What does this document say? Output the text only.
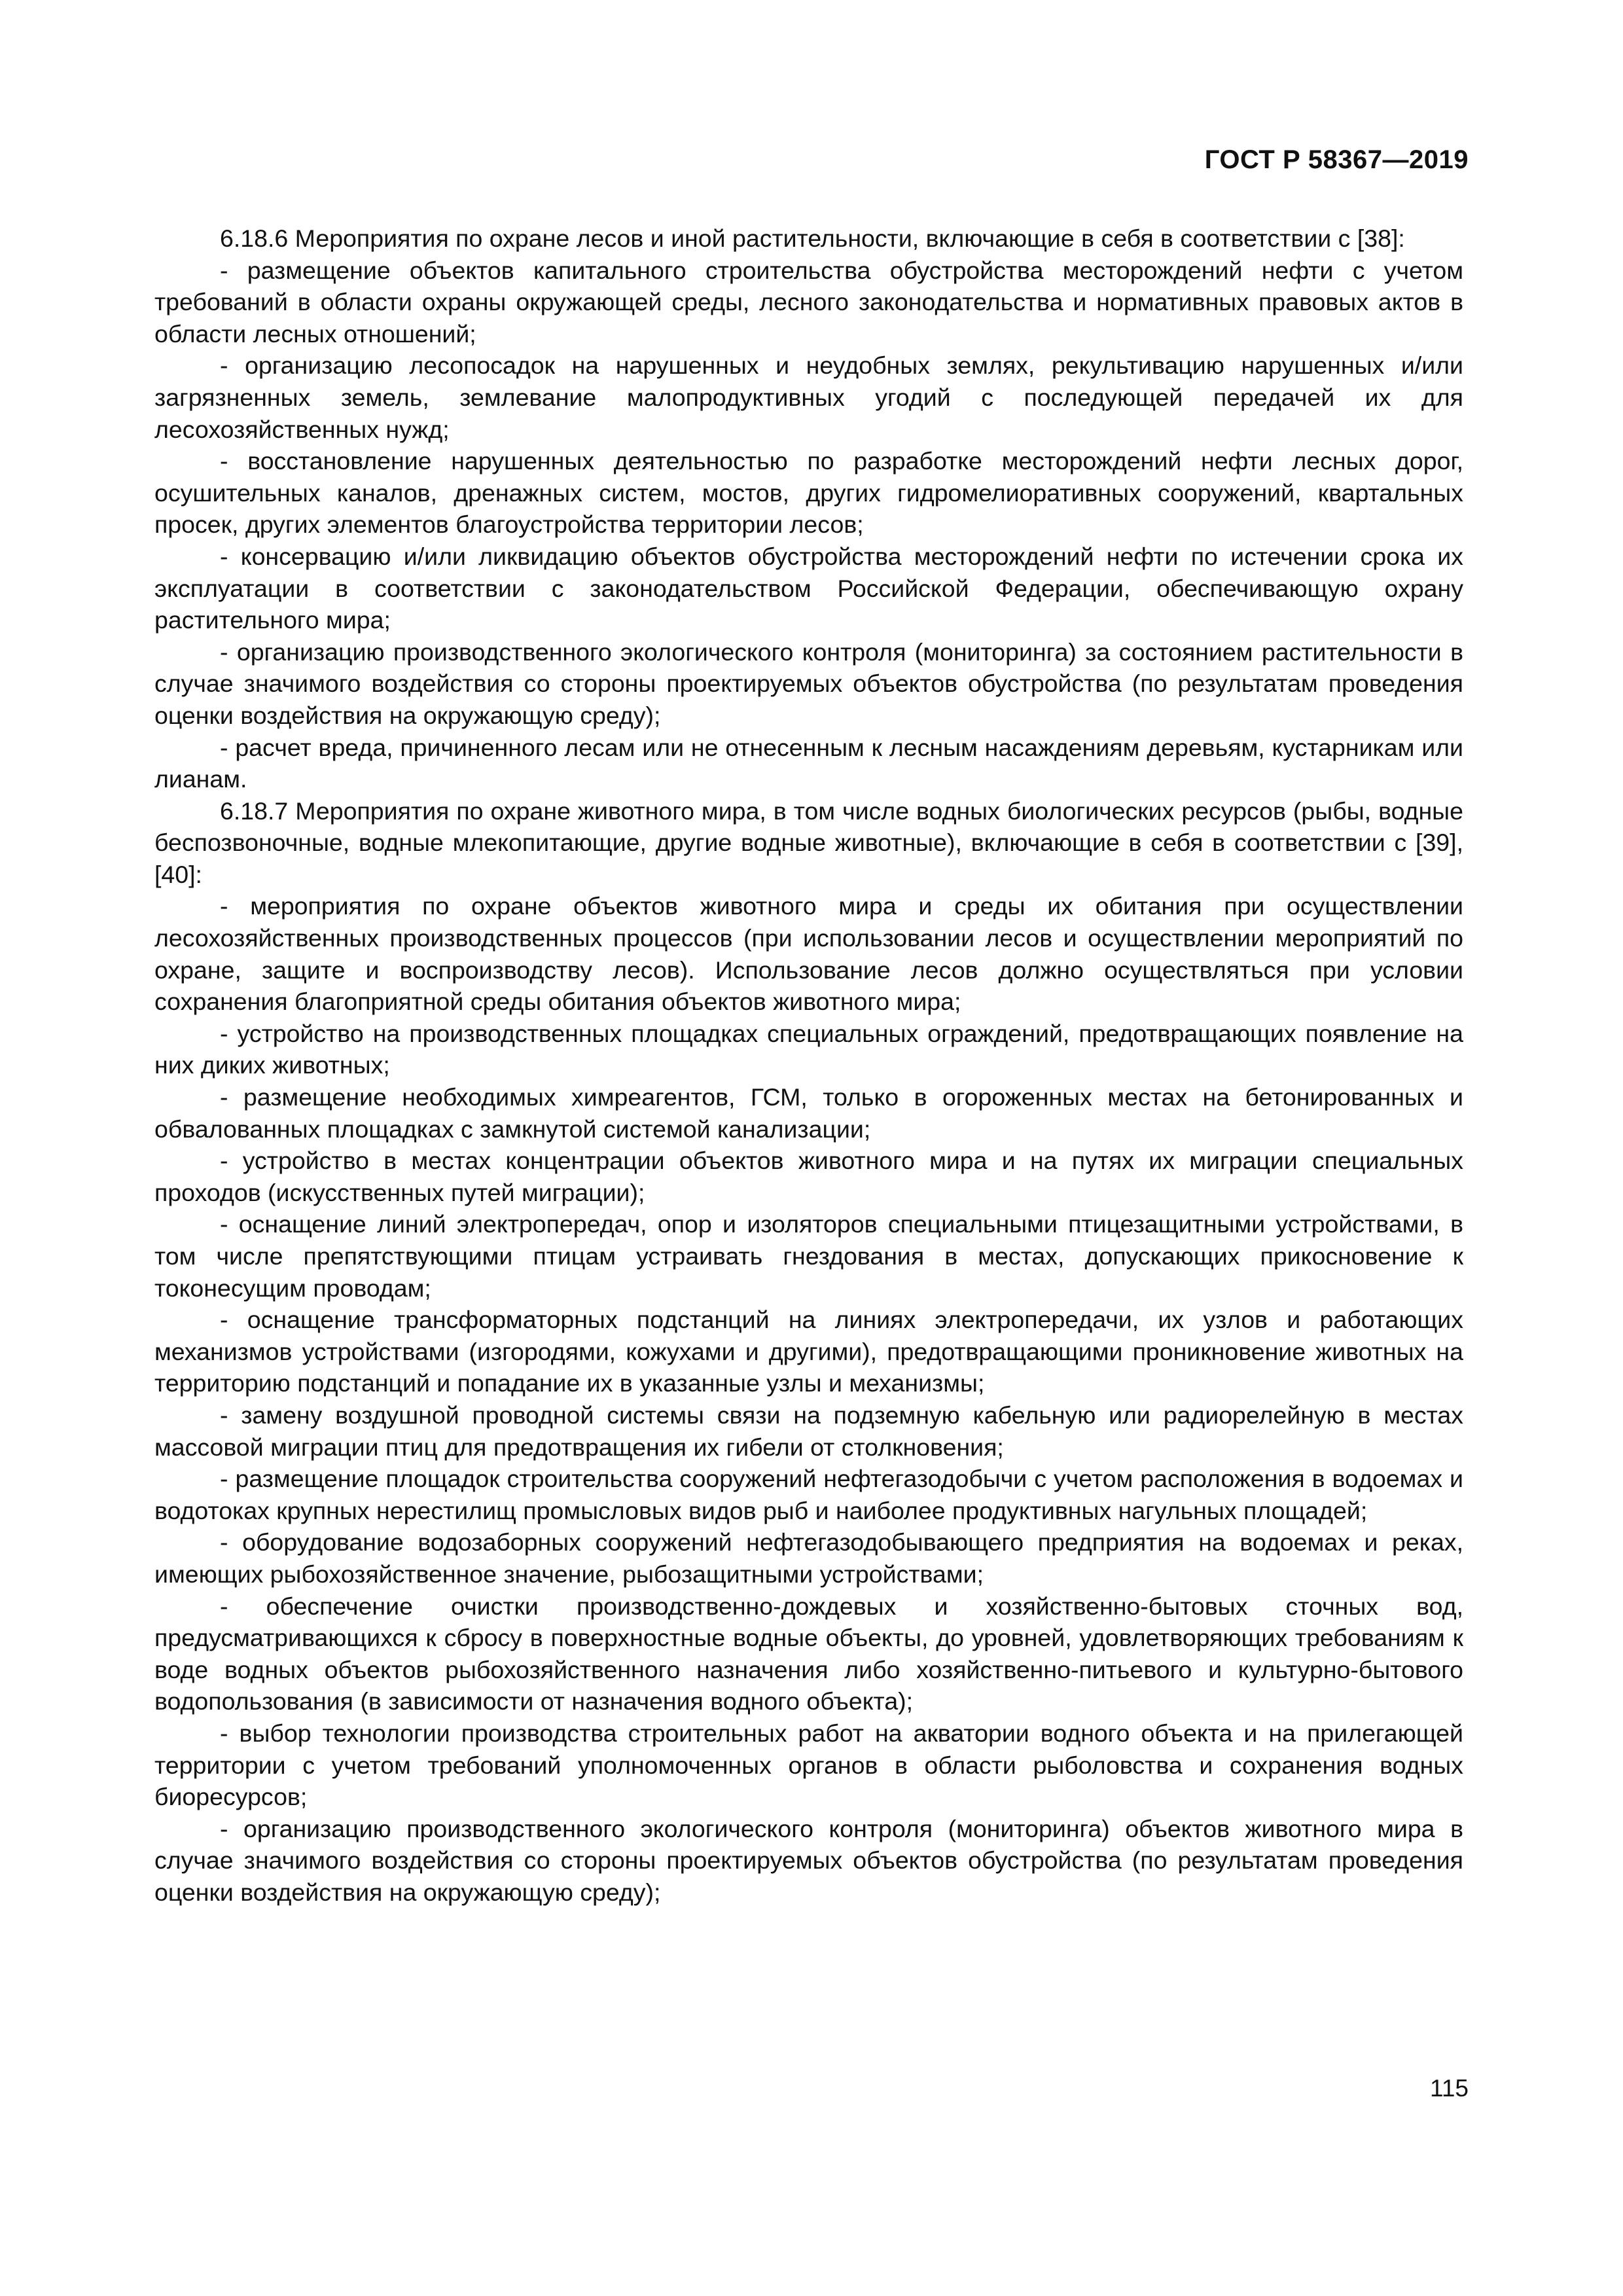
ГОСТ Р 58367—2019

6.18.6 Мероприятия по охране лесов и иной растительности, включающие в себя в соответствии с [38]:

- размещение объектов капитального строительства обустройства месторождений нефти с учетом требований в области охраны окружающей среды, лесного законодательства и нормативных правовых актов в области лесных отношений;

- организацию лесопосадок на нарушенных и неудобных землях, рекультивацию нарушенных и/или загрязненных земель, землевание малопродуктивных угодий с последующей передачей их для лесохозяйственных нужд;

- восстановление нарушенных деятельностью по разработке месторождений нефти лесных дорог, осушительных каналов, дренажных систем, мостов, других гидромелиоративных сооружений, квартальных просек, других элементов благоустройства территории лесов;

- консервацию и/или ликвидацию объектов обустройства месторождений нефти по истечении срока их эксплуатации в соответствии с законодательством Российской Федерации, обеспечивающую охрану растительного мира;

- организацию производственного экологического контроля (мониторинга) за состоянием растительности в случае значимого воздействия со стороны проектируемых объектов обустройства (по результатам проведения оценки воздействия на окружающую среду);

- расчет вреда, причиненного лесам или не отнесенным к лесным насаждениям деревьям, кустарникам или лианам.

6.18.7 Мероприятия по охране животного мира, в том числе водных биологических ресурсов (рыбы, водные беспозвоночные, водные млекопитающие, другие водные животные), включающие в себя в соответствии с [39], [40]:

- мероприятия по охране объектов животного мира и среды их обитания при осуществлении лесохозяйственных производственных процессов (при использовании лесов и осуществлении мероприятий по охране, защите и воспроизводству лесов). Использование лесов должно осуществляться при условии сохранения благоприятной среды обитания объектов животного мира;

- устройство на производственных площадках специальных ограждений, предотвращающих появление на них диких животных;

- размещение необходимых химреагентов, ГСМ, только в огороженных местах на бетонированных и обвалованных площадках с замкнутой системой канализации;

- устройство в местах концентрации объектов животного мира и на путях их миграции специальных проходов (искусственных путей миграции);

- оснащение линий электропередач, опор и изоляторов специальными птицезащитными устройствами, в том числе препятствующими птицам устраивать гнездования в местах, допускающих прикосновение к токонесущим проводам;

- оснащение трансформаторных подстанций на линиях электропередачи, их узлов и работающих механизмов устройствами (изгородями, кожухами и другими), предотвращающими проникновение животных на территорию подстанций и попадание их в указанные узлы и механизмы;

- замену воздушной проводной системы связи на подземную кабельную или радиорелейную в местах массовой миграции птиц для предотвращения их гибели от столкновения;

- размещение площадок строительства сооружений нефтегазодобычи с учетом расположения в водоемах и водотоках крупных нерестилищ промысловых видов рыб и наиболее продуктивных нагульных площадей;

- оборудование водозаборных сооружений нефтегазодобывающего предприятия на водоемах и реках, имеющих рыбохозяйственное значение, рыбозащитными устройствами;

- обеспечение очистки производственно-дождевых и хозяйственно-бытовых сточных вод, предусматривающихся к сбросу в поверхностные водные объекты, до уровней, удовлетворяющих требованиям к воде водных объектов рыбохозяйственного назначения либо хозяйственно-питьевого и культурно-бытового водопользования (в зависимости от назначения водного объекта);

- выбор технологии производства строительных работ на акватории водного объекта и на прилегающей территории с учетом требований уполномоченных органов в области рыболовства и сохранения водных биоресурсов;

- организацию производственного экологического контроля (мониторинга) объектов животного мира в случае значимого воздействия со стороны проектируемых объектов обустройства (по результатам проведения оценки воздействия на окружающую среду);

115
